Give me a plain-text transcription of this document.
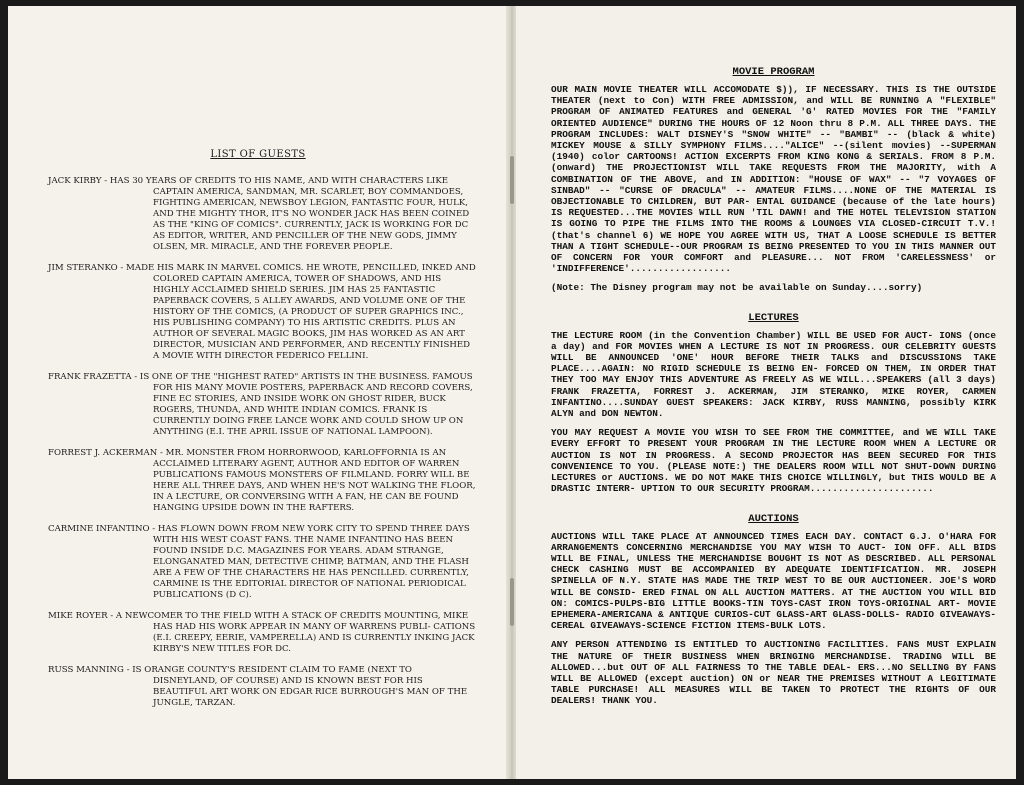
LIST OF GUESTS
JACK KIRBY - HAS 30 YEARS OF CREDITS TO HIS NAME, AND WITH CHARACTERS LIKE CAPTAIN AMERICA, SANDMAN, MR. SCARLET, BOY COMMANDOES, FIGHTING AMERICAN, NEWSBOY LEGION, FANTASTIC FOUR, HULK, AND THE MIGHTY THOR, IT'S NO WONDER JACK HAS BEEN COINED AS THE "KING OF COMICS". CURRENTLY, JACK IS WORKING FOR DC AS EDITOR, WRITER, AND PENCILLER OF THE NEW GODS, JIMMY OLSEN, MR. MIRACLE, AND THE FOREVER PEOPLE.
JIM STERANKO - MADE HIS MARK IN MARVEL COMICS. HE WROTE, PENCILLED, INKED AND COLORED CAPTAIN AMERICA, TOWER OF SHADOWS, AND HIS HIGHLY ACCLAIMED SHIELD SERIES. JIM HAS 25 FANTASTIC PAPERBACK COVERS, 5 ALLEY AWARDS, AND VOLUME ONE OF THE HISTORY OF THE COMICS, (A PRODUCT OF SUPER GRAPHICS INC., HIS PUBLISHING COMPANY) TO HIS ARTISTIC CREDITS. PLUS AN AUTHOR OF SEVERAL MAGIC BOOKS, JIM HAS WORKED AS AN ART DIRECTOR, MUSICIAN AND PERFORMER, AND RECENTLY FINISHED A MOVIE WITH DIRECTOR FEDERICO FELLINI.
FRANK FRAZETTA - IS ONE OF THE "HIGHEST RATED" ARTISTS IN THE BUSINESS. FAMOUS FOR HIS MANY MOVIE POSTERS, PAPERBACK AND RECORD COVERS, FINE EC STORIES, AND INSIDE WORK ON GHOST RIDER, BUCK ROGERS, THUNDA, AND WHITE INDIAN COMICS. FRANK IS CURRENTLY DOING FREE LANCE WORK AND COULD SHOW UP ON ANYTHING (E.I. THE APRIL ISSUE OF NATIONAL LAMPOON).
FORREST J. ACKERMAN - MR. MONSTER FROM HORRORWOOD, KARLOFFORNIA IS AN ACCLAIMED LITERARY AGENT, AUTHOR AND EDITOR OF WARREN PUBLICATIONS FAMOUS MONSTERS OF FILMLAND. FORRY WILL BE HERE ALL THREE DAYS, AND WHEN HE'S NOT WALKING THE FLOOR, IN A LECTURE, OR CONVERSING WITH A FAN, HE CAN BE FOUND HANGING UPSIDE DOWN IN THE RAFTERS.
CARMINE INFANTINO - HAS FLOWN DOWN FROM NEW YORK CITY TO SPEND THREE DAYS WITH HIS WEST COAST FANS. THE NAME INFANTINO HAS BEEN FOUND INSIDE D.C. MAGAZINES FOR YEARS. ADAM STRANGE, ELONGANATED MAN, DETECTIVE CHIMP, BATMAN, AND THE FLASH ARE A FEW OF THE CHARACTERS HE HAS PENCILLED. CURRENTLY, CARMINE IS THE EDITORIAL DIRECTOR OF NATIONAL PERIODICAL PUBLICATIONS (D C).
MIKE ROYER - A NEWCOMER TO THE FIELD WITH A STACK OF CREDITS MOUNTING, MIKE HAS HAD HIS WORK APPEAR IN MANY OF WARRENS PUBLI- CATIONS (E.I. CREEPY, EERIE, VAMPERELLA) AND IS CURRENTLY INKING JACK KIRBY'S NEW TITLES FOR DC.
RUSS MANNING - IS ORANGE COUNTY'S RESIDENT CLAIM TO FAME (NEXT TO DISNEYLAND, OF COURSE) AND IS KNOWN BEST FOR HIS BEAUTIFUL ART WORK ON EDGAR RICE BURROUGH'S MAN OF THE JUNGLE, TARZAN.
MOVIE PROGRAM
OUR MAIN MOVIE THEATER WILL ACCOMODATE $)), IF NECESSARY. THIS IS THE OUTSIDE THEATER (next to Con) WITH FREE ADMISSION, and WILL BE RUNNING A "FLEXIBLE" PROGRAM OF ANIMATED FEATURES and GENERAL 'G' RATED MOVIES FOR THE "FAMILY ORIENTED AUDIENCE" DURING THE HOURS OF 12 Noon thru 8 P.M. ALL THREE DAYS. THE PROGRAM INCLUDES: WALT DISNEY'S "SNOW WHITE" -- "BAMBI" -- (black & white) MICKEY MOUSE & SILLY SYMPHONY FILMS...."ALICE" --(silent movies) --SUPERMAN (1940) color CARTOONS! ACTION EXCERPTS FROM KING KONG & SERIALS. FROM 8 P.M. (onward) THE PROJECTIONIST WILL TAKE REQUESTS FROM THE MAJORITY, with A COMBINATION OF THE ABOVE, and IN ADDITION: "HOUSE OF WAX" -- "7 VOYAGES OF SINBAD" -- "CURSE OF DRACULA" -- AMATEUR FILMS....NONE OF THE MATERIAL IS OBJECTIONABLE TO CHILDREN, BUT PAR- ENTAL GUIDANCE (because of the late hours) IS REQUESTED...THE MOVIES WILL RUN 'TIL DAWN! and THE HOTEL TELEVISION STATION IS GOING TO PIPE THE FILMS INTO THE ROOMS & LOUNGES VIA CLOSED-CIRCUIT T.V.! (that's channel 6) WE HOPE YOU AGREE WITH US, THAT A LOOSE SCHEDULE IS BETTER THAN A TIGHT SCHEDULE--OUR PROGRAM IS BEING PRESENTED TO YOU IN THIS MANNER OUT OF CONCERN FOR YOUR COMFORT and PLEASURE... NOT FROM 'CARELESSNESS' or 'INDIFFERENCE'..................
(Note: The Disney program may not be available on Sunday....sorry)
LECTURES
THE LECTURE ROOM (in the Convention Chamber) WILL BE USED FOR AUCT- IONS (once a day) and FOR MOVIES WHEN A LECTURE IS NOT IN PROGRESS. OUR CELEBRITY GUESTS WILL BE ANNOUNCED 'ONE' HOUR BEFORE THEIR TALKS and DISCUSSIONS TAKE PLACE....AGAIN: NO RIGID SCHEDULE IS BEING EN- FORCED ON THEM, IN ORDER THAT THEY TOO MAY ENJOY THIS ADVENTURE AS FREELY AS WE WILL...SPEAKERS (all 3 days) FRANK FRAZETTA, FORREST J. ACKERMAN, JIM STERANKO, MIKE ROYER, CARMEN INFANTINO....SUNDAY GUEST SPEAKERS: JACK KIRBY, RUSS MANNING, possibly KIRK ALYN and DON NEWTON.
YOU MAY REQUEST A MOVIE YOU WISH TO SEE FROM THE COMMITTEE, and WE WILL TAKE EVERY EFFORT TO PRESENT YOUR PROGRAM IN THE LECTURE ROOM WHEN A LECTURE OR AUCTION IS NOT IN PROGRESS. A SECOND PROJECTOR HAS BEEN SECURED FOR THIS CONVENIENCE TO YOU. (PLEASE NOTE:) THE DEALERS ROOM WILL NOT SHUT-DOWN DURING LECTURES or AUCTIONS. WE DO NOT MAKE THIS CHOICE WILLINGLY, but THIS WOULD BE A DRASTIC INTERR- UPTION TO OUR SECURITY PROGRAM......................
AUCTIONS
AUCTIONS WILL TAKE PLACE AT ANNOUNCED TIMES EACH DAY. CONTACT G.J. O'HARA FOR ARRANGEMENTS CONCERNING MERCHANDISE YOU MAY WISH TO AUCT- ION OFF. ALL BIDS WILL BE FINAL, UNLESS THE MERCHANDISE BOUGHT IS NOT AS DESCRIBED. ALL PERSONAL CHECK CASHING MUST BE ACCOMPANIED BY ADEQUATE IDENTIFICATION. MR. JOSEPH SPINELLA OF N.Y. STATE HAS MADE THE TRIP WEST TO BE OUR AUCTIONEER. JOE'S WORD WILL BE CONSID- ERED FINAL ON ALL AUCTION MATTERS. AT THE AUCTION YOU WILL BID ON: COMICS-PULPS-BIG LITTLE BOOKS-TIN TOYS-CAST IRON TOYS-ORIGINAL ART- MOVIE EPHEMERA-AMERICANA & ANTIQUE CURIOS-CUT GLASS-ART GLASS-DOLLS- RADIO GIVEAWAYS-CEREAL GIVEAWAYS-SCIENCE FICTION ITEMS-BULK LOTS.
ANY PERSON ATTENDING IS ENTITLED TO AUCTIONING FACILITIES. FANS MUST EXPLAIN THE NATURE OF THEIR BUSINESS WHEN BRINGING MERCHANDISE. TRADING WILL BE ALLOWED...but OUT OF ALL FAIRNESS TO THE TABLE DEAL- ERS...NO SELLING BY FANS WILL BE ALLOWED (except auction) ON or NEAR THE PREMISES WITHOUT A LEGITIMATE TABLE PURCHASE! ALL MEASURES WILL BE TAKEN TO PROTECT THE RIGHTS OF OUR DEALERS! THANK YOU.
